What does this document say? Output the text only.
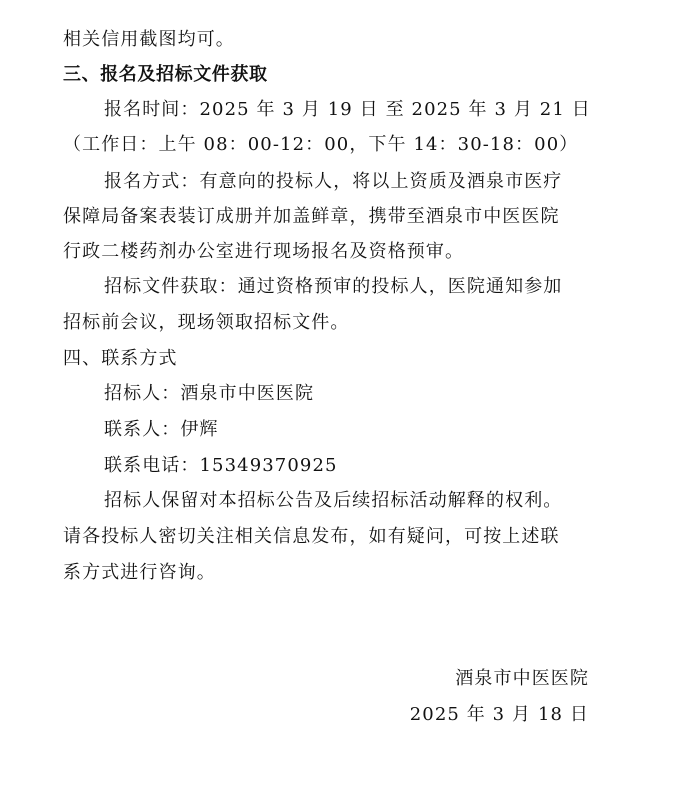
相关信用截图均可。
三、报名及招标文件获取
报名时间：2025 年 3 月 19 日 至 2025 年 3 月 21 日
（工作日：上午 08：00-12：00，下午 14：30-18：00）
报名方式：有意向的投标人，将以上资质及酒泉市医疗
保障局备案表装订成册并加盖鲜章，携带至酒泉市中医医院
行政二楼药剂办公室进行现场报名及资格预审。
招标文件获取：通过资格预审的投标人，医院通知参加
招标前会议，现场领取招标文件。
四、联系方式
招标人：酒泉市中医医院
联系人：伊辉
联系电话：15349370925
招标人保留对本招标公告及后续招标活动解释的权利。
请各投标人密切关注相关信息发布，如有疑问，可按上述联
系方式进行咨询。
酒泉市中医医院
2025 年 3 月 18 日
